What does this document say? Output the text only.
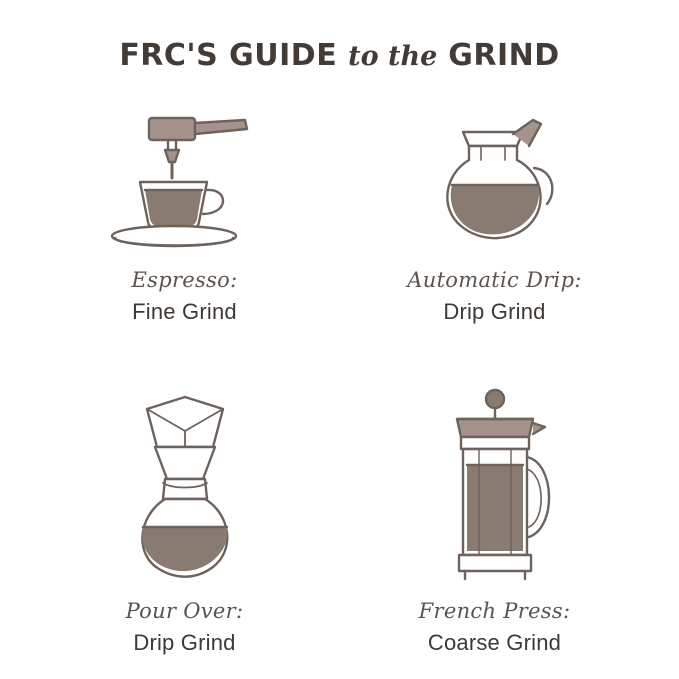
FRC'S GUIDE to the GRIND
Espresso:
Fine Grind
Automatic Drip:
Drip Grind
Pour Over:
Drip Grind
French Press:
Coarse Grind
